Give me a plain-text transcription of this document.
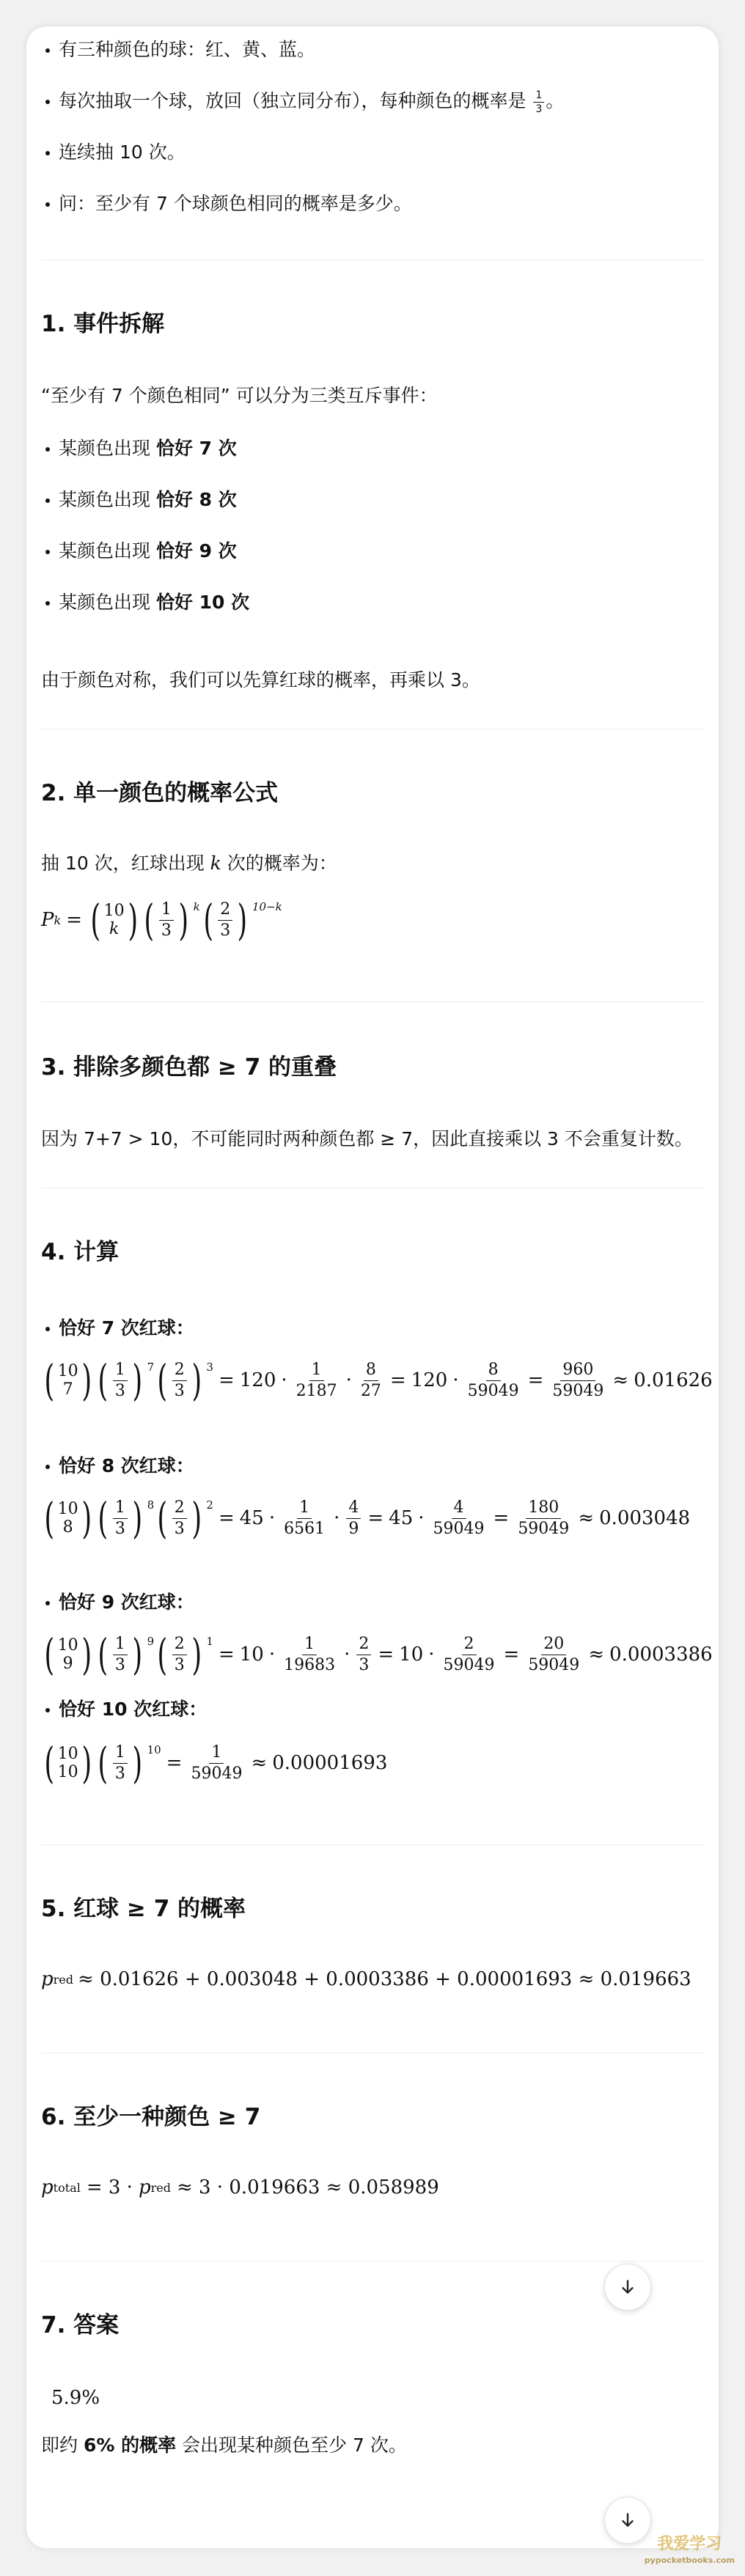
有三种颜色的球：红、黄、蓝。
每次抽取一个球，放回（独立同分布），每种颜色的概率是 $\frac{1}{3}$ 。
连续抽 10 次。
问：至少有 7 个球颜色相同的概率是多少。
1. 事件拆解
“至少有 7 个颜色相同” 可以分为三类互斥事件：
某颜色出现 恰好 7 次
某颜色出现 恰好 8 次
某颜色出现 恰好 9 次
某颜色出现 恰好 10 次
由于颜色对称，我们可以先算红球的概率，再乘以 3。
2. 单一颜色的概率公式
抽 10 次，红球出现 k 次的概率为：
P k = ( 10
k ) ( $\frac{1}{3}$ ) $^k$ ( $\frac{2}{3}$ ) $^{10-k}$
3. 排除多颜色都 ≥ 7 的重叠
因为 7+7 > 10，不可能同时两种颜色都 ≥ 7，因此直接乘以 3 不会重复计数。
4. 计算
恰好 7 次红球：
( 10
7 ) ( $\frac{1}{3}$ ) $^7$ ( $\frac{2}{3}$ ) $^3$
= $120 \cdot \frac{1}{2187} \cdot \frac{8}{27} = 120 \cdot \frac{8}{59049} = \frac{960}{59049} \approx 0.01626$
恰好 8 次红球：
( 10
8 ) ( $\frac{1}{3}$ ) $^8$ ( $\frac{2}{3}$ ) $^2$
= $45 \cdot \frac{1}{6561} \cdot \frac{4}{9} = 45 \cdot \frac{4}{59049} = \frac{180}{59049} \approx 0.003048$
恰好 9 次红球：
( 10
9 ) ( $\frac{1}{3}$ ) $^9$ ( $\frac{2}{3}$ ) $^1$
= $10 \cdot \frac{1}{19683} \cdot \frac{2}{3} = 10 \cdot \frac{2}{59049} = \frac{20}{59049} \approx 0.0003386$
恰好 10 次红球：
( 10
10 ) ( $\frac{1}{3}$ ) $^{10}$
= $\frac{1}{59049} \approx 0.00001693$
5. 红球 ≥ 7 的概率
p red ≈ 0.01626 + 0.003048 + 0.0003386 + 0.00001693 ≈ 0.019663
6. 至少一种颜色 ≥ 7
p total = 3 · p red ≈ 3 · 0.019663 ≈ 0.058989
7. 答案
5.9%
即约 6% 的概率 会出现某种颜色至少 7 次。
我爱学习
pypocketbooks.com
